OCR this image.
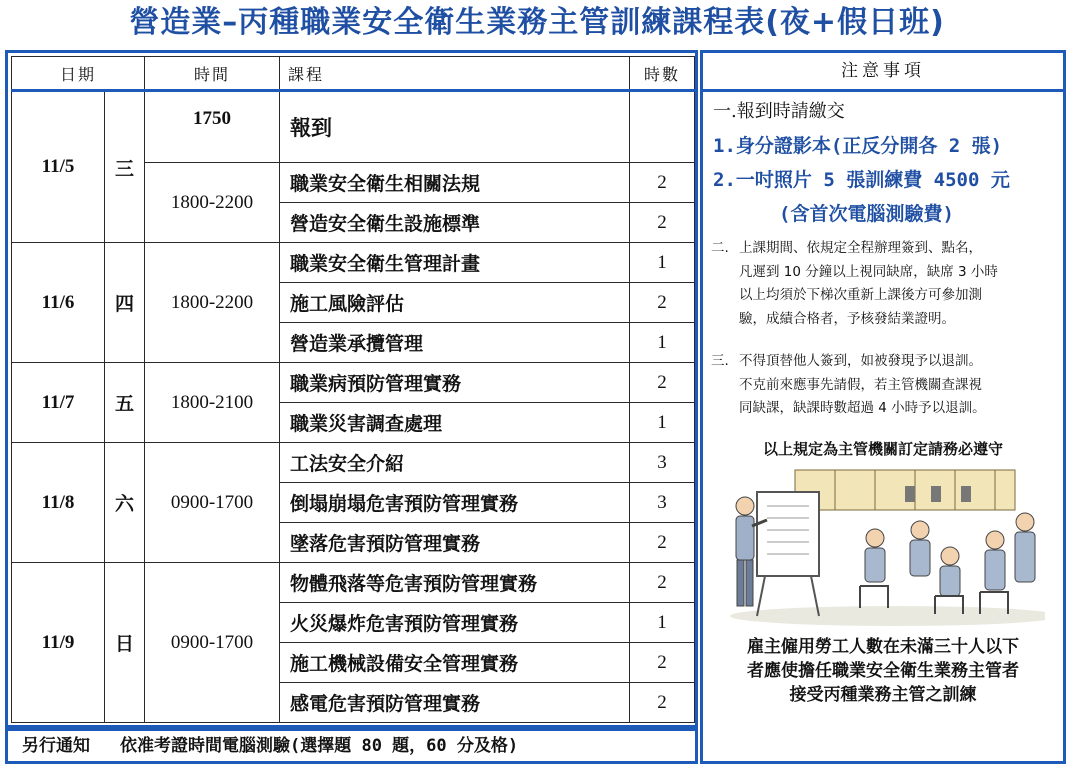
營造業–丙種職業安全衛生業務主管訓練課程表(夜+假日班)
日期		時間	課程	時數
11/5	三	1750	報到	
		1800-2200	職業安全衛生相關法規	2
			營造安全衛生設施標準	2
11/6	四	1800-2200	職業安全衛生管理計畫	1
			施工風險評估	2
			營造業承攬管理	1
11/7	五	1800-2100	職業病預防管理實務	2
			職業災害調查處理	1
11/8	六	0900-1700	工法安全介紹	3
			倒塌崩塌危害預防管理實務	3
			墜落危害預防管理實務	2
11/9	日	0900-1700	物體飛落等危害預防管理實務	2
			火災爆炸危害預防管理實務	1
			施工機械設備安全管理實務	2
			感電危害預防管理實務	2
另行通知 依准考證時間電腦測驗(選擇題 80 題，60 分及格)
注意事項
一.報到時請繳交
1.身分證影本(正反分開各 2 張)
2.一吋照片 5 張訓練費 4500 元
(含首次電腦測驗費)
二. 上課期間、依規定全程辦理簽到、點名，
凡遲到 10 分鐘以上視同缺席，缺席 3 小時
以上均須於下梯次重新上課後方可參加測
驗，成績合格者，予核發結業證明。
三. 不得頂替他人簽到，如被發現予以退訓。
不克前來應事先請假，若主管機關查課視
同缺課，缺課時數超過 4 小時予以退訓。
以上規定為主管機關訂定請務必遵守
雇主僱用勞工人數在未滿三十人以下
者應使擔任職業安全衛生業務主管者
接受丙種業務主管之訓練
